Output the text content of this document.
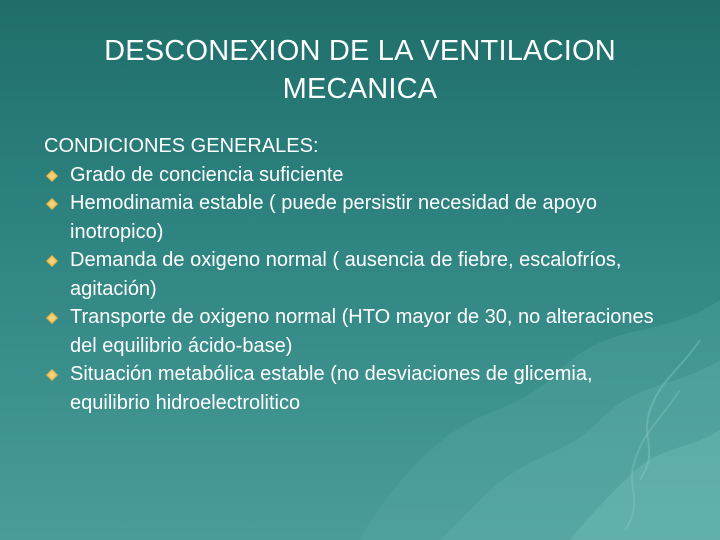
DESCONEXION DE LA VENTILACION
MECANICA
CONDICIONES GENERALES:
Grado de conciencia suficiente
Hemodinamia estable ( puede persistir necesidad de apoyo inotropico)
Demanda de oxigeno normal ( ausencia de fiebre, escalofríos, agitación)
Transporte de oxigeno normal (HTO mayor de 30, no alteraciones del equilibrio ácido-base)
Situación metabólica estable (no desviaciones de glicemia, equilibrio hidroelectrolitico
